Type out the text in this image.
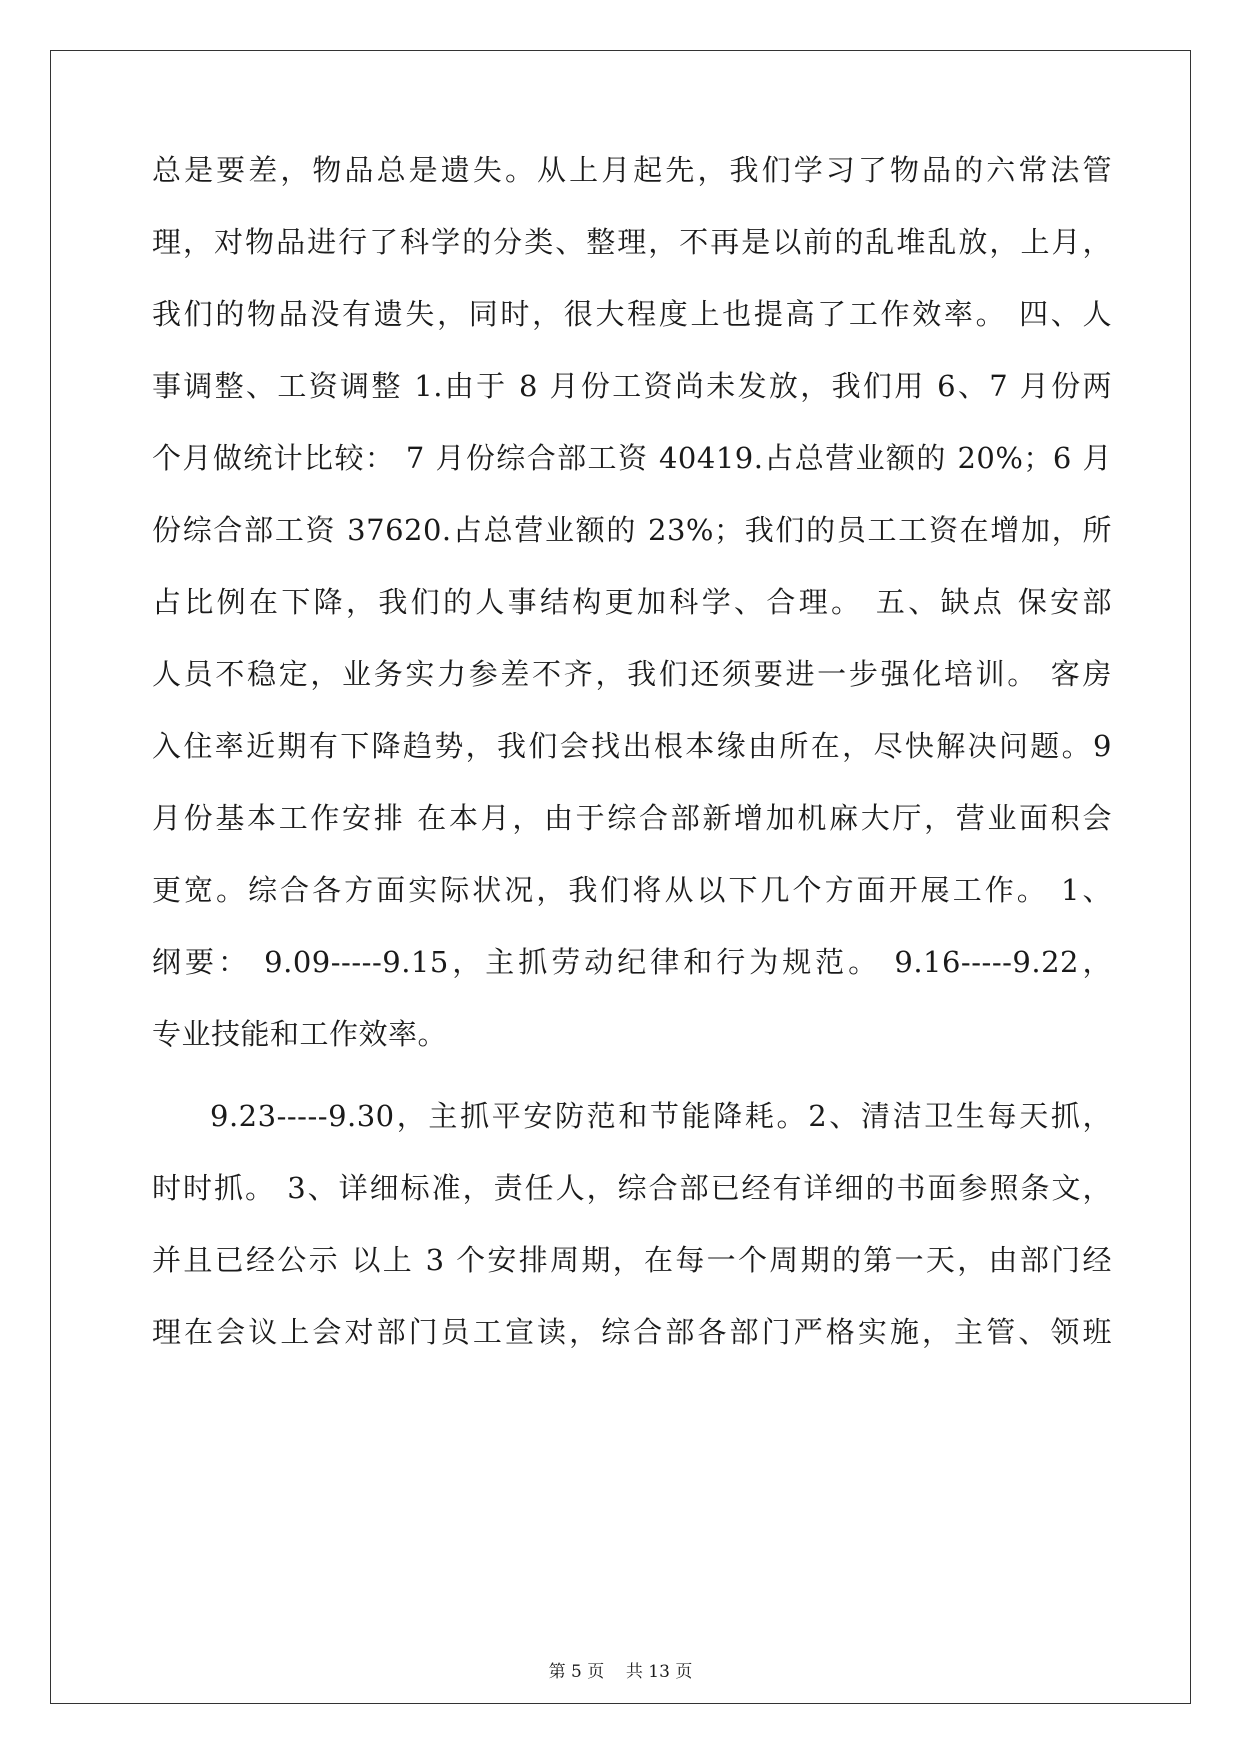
总是要差，物品总是遗失。从上月起先，我们学习了物品的六常法管
理，对物品进行了科学的分类、整理，不再是以前的乱堆乱放，上月，
我们的物品没有遗失，同时，很大程度上也提高了工作效率。 四、人
事调整、工资调整 1.由于 8 月份工资尚未发放，我们用 6、7 月份两
个月做统计比较： 7 月份综合部工资 40419.占总营业额的 20%；6 月
份综合部工资 37620.占总营业额的 23%；我们的员工工资在增加，所
占比例在下降，我们的人事结构更加科学、合理。 五、缺点 保安部
人员不稳定，业务实力参差不齐，我们还须要进一步强化培训。 客房
入住率近期有下降趋势，我们会找出根本缘由所在，尽快解决问题。9
月份基本工作安排 在本月，由于综合部新增加机麻大厅，营业面积会
更宽。综合各方面实际状况，我们将从以下几个方面开展工作。 1、
纲要： 9.09-----9.15，主抓劳动纪律和行为规范。 9.16-----9.22，
专业技能和工作效率。
9.23-----9.30，主抓平安防范和节能降耗。2、清洁卫生每天抓，
时时抓。 3、详细标准，责任人，综合部已经有详细的书面参照条文，
并且已经公示 以上 3 个安排周期，在每一个周期的第一天，由部门经
理在会议上会对部门员工宣读，综合部各部门严格实施，主管、领班
第 5 页 共 13 页
